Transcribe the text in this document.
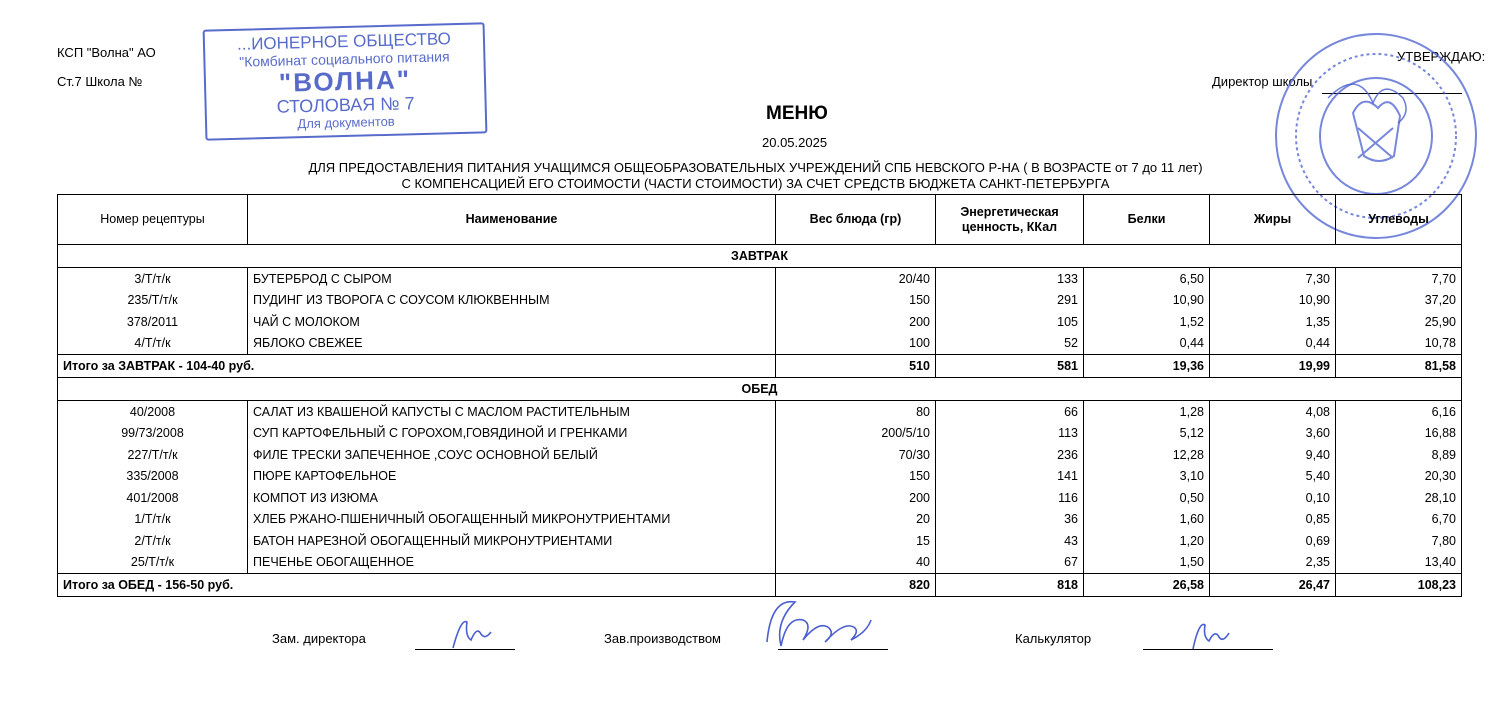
КСП "Волна" АО
Ст.7 Школа №
...ИОНЕРНОЕ ОБЩЕСТВО
"Комбинат социального питания
"ВОЛНА"
СТОЛОВАЯ № 7
Для документов
УТВЕРЖДАЮ:
Директор школы
МЕНЮ
20.05.2025
ДЛЯ ПРЕДОСТАВЛЕНИЯ ПИТАНИЯ УЧАЩИМСЯ ОБЩЕОБРАЗОВАТЕЛЬНЫХ УЧРЕЖДЕНИЙ СПБ НЕВСКОГО Р-НА ( В ВОЗРАСТЕ от 7 до 11 лет)
С КОМПЕНСАЦИЕЙ ЕГО СТОИМОСТИ (ЧАСТИ СТОИМОСТИ) ЗА СЧЕТ СРЕДСТВ БЮДЖЕТА САНКТ-ПЕТЕРБУРГА
Номер рецептуры	Наименование	Вес блюда (гр)	Энергетическая ценность, ККал	Белки	Жиры	Углеводы
ЗАВТРАК						
3/Т/т/к	БУТЕРБРОД С СЫРОМ	20/40	133	6,50	7,30	7,70
235/Т/т/к	ПУДИНГ ИЗ ТВОРОГА С СОУСОМ КЛЮКВЕННЫМ	150	291	10,90	10,90	37,20
378/2011	ЧАЙ С МОЛОКОМ	200	105	1,52	1,35	25,90
4/Т/т/к	ЯБЛОКО СВЕЖЕЕ	100	52	0,44	0,44	10,78
Итого за ЗАВТРАК - 104-40 руб.		510	581	19,36	19,99	81,58
ОБЕД						
40/2008	САЛАТ ИЗ КВАШЕНОЙ КАПУСТЫ С МАСЛОМ РАСТИТЕЛЬНЫМ	80	66	1,28	4,08	6,16
99/73/2008	СУП КАРТОФЕЛЬНЫЙ С ГОРОХОМ,ГОВЯДИНОЙ И ГРЕНКАМИ	200/5/10	113	5,12	3,60	16,88
227/Т/т/к	ФИЛЕ ТРЕСКИ ЗАПЕЧЕННОЕ ,СОУС ОСНОВНОЙ БЕЛЫЙ	70/30	236	12,28	9,40	8,89
335/2008	ПЮРЕ КАРТОФЕЛЬНОЕ	150	141	3,10	5,40	20,30
401/2008	КОМПОТ ИЗ ИЗЮМА	200	116	0,50	0,10	28,10
1/Т/т/к	ХЛЕБ РЖАНО-ПШЕНИЧНЫЙ ОБОГАЩЕННЫЙ МИКРОНУТРИЕНТАМИ	20	36	1,60	0,85	6,70
2/Т/т/к	БАТОН НАРЕЗНОЙ ОБОГАЩЕННЫЙ МИКРОНУТРИЕНТАМИ	15	43	1,20	0,69	7,80
25/Т/т/к	ПЕЧЕНЬЕ ОБОГАЩЕННОЕ	40	67	1,50	2,35	13,40
Итого за ОБЕД - 156-50 руб.		820	818	26,58	26,47	108,23
Зам. директора	Зав.производством	Калькулятор
